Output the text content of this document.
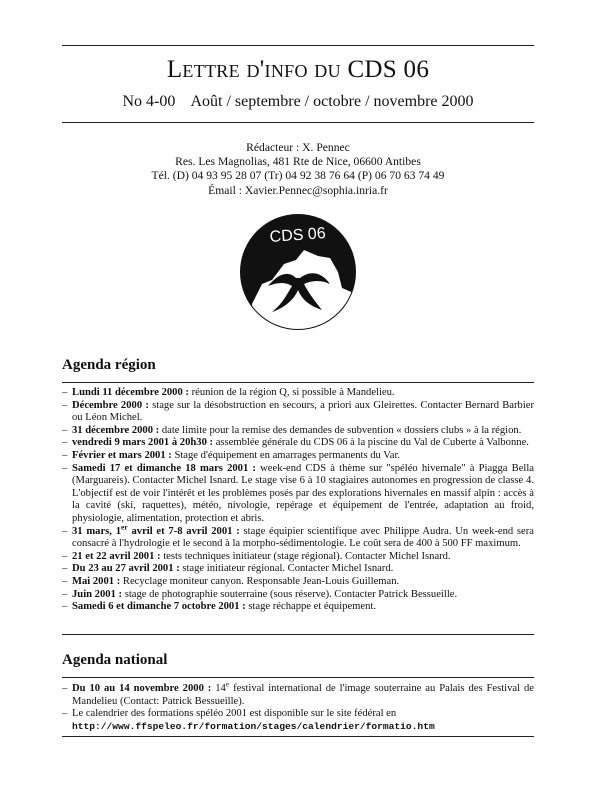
Lettre d'info du CDS 06
No 4-00    Août / septembre / octobre / novembre 2000
Rédacteur : X. Pennec
Res. Les Magnolias, 481 Rte de Nice, 06600 Antibes
Tél. (D) 04 93 95 28 07 (Tr) 04 92 38 76 64 (P) 06 70 63 74 49
Émail : Xavier.Pennec@sophia.inria.fr
CDS 06
Agenda région
– Lundi 11 décembre 2000 : réunion de la région Q, si possible à Mandelieu.
– Décembre 2000 : stage sur la désobstruction en secours, a priori aux Gleirettes. Contacter Bernard Barbier ou Léon Michel.
– 31 décembre 2000 : date limite pour la remise des demandes de subvention « dossiers clubs » à la région.
– vendredi 9 mars 2001 à 20h30 : assemblée générale du CDS 06 à la piscine du Val de Cuberte à Valbonne.
– Février et mars 2001 : Stage d'équipement en amarrages permanents du Var.
– Samedi 17 et dimanche 18 mars 2001 : week-end CDS à thème sur "spéléo hivernale" à Piagga Bella (Marguareis). Contacter Michel Isnard. Le stage vise 6 à 10 stagiaires autonomes en progression de classe 4. L'objectif est de voir l'intérêt et les problèmes posés par des explorations hivernales en massif alpin : accès à la cavité (ski, raquettes), météo, nivologie, repérage et équipement de l'entrée, adaptation au froid, physiologie, alimentation, protection et abris.
– 31 mars, 1er avril et 7-8 avril 2001 : stage équipier scientifique avec Philippe Audra. Un week-end sera consacré à l'hydrologie et le second à la morpho-sédimentologie. Le coût sera de 400 à 500 FF maximum.
– 21 et 22 avril 2001 : tests techniques initiateur (stage régional). Contacter Michel Isnard.
– Du 23 au 27 avril 2001 : stage initiateur régional. Contacter Michel Isnard.
– Mai 2001 : Recyclage moniteur canyon. Responsable Jean-Louis Guilleman.
– Juin 2001 : stage de photographie souterraine (sous réserve). Contacter Patrick Bessueille.
– Samedi 6 et dimanche 7 octobre 2001 : stage réchappe et équipement.
Agenda national
– Du 10 au 14 novembre 2000 : 14e festival international de l'image souterraine au Palais des Festival de Mandelieu (Contact: Patrick Bessueille).
– Le calendrier des formations spéléo 2001 est disponible sur le site fédéral en
http://www.ffspeleo.fr/formation/stages/calendrier/formatio.htm
